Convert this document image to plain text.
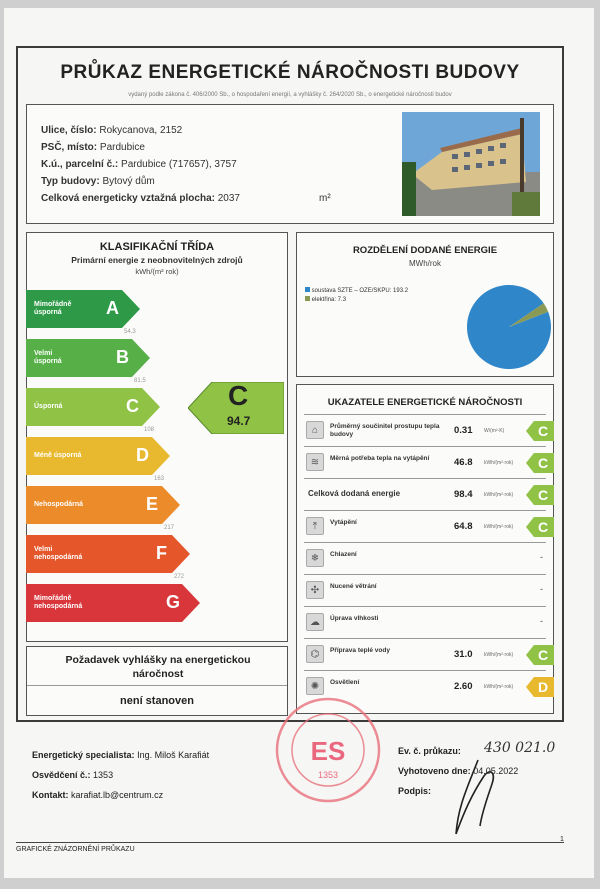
PRŮKAZ ENERGETICKÉ NÁROČNOSTI BUDOVY
vydaný podle zákona č. 406/2000 Sb., o hospodaření energií, a vyhlášky č. 264/2020 Sb., o energetické náročnosti budov
Ulice, číslo: Rokycanova, 2152
PSČ, místo: Pardubice
K.ú., parcelní č.: Pardubice (717657), 3757
Typ budovy: Bytový dům
Celková energeticky vztažná plocha: 2037	m²
KLASIFIKAČNÍ TŘÍDA
Primární energie z neobnovitelných zdrojů
kWh/(m² rok)
Mimořádně
úsporná	A
54.3
Velmi
úsporná	B
81.5
Úsporná	C
108
Méně úsporná	D
163
Nehospodárná	E
217
Velmi
nehospodárná	F
272
Mimořádně
nehospodárná	G
C
94.7
Požadavek vyhlášky na energetickou náročnost
není stanoven
ROZDĚLENÍ DODANÉ ENERGIE
MWh/rok
soustava SZTE – OZE/SKPU: 193.2
elektřina: 7.3
UKAZATELE ENERGETICKÉ NÁROČNOSTI
⌂	Průměrný součinitel prostupu tepla budovy	0.31 W/(m²·K) C
≋	Měrná potřeba tepla na vytápění	46.8 kWh/(m²·rok) C
Celková dodaná energie	98.4 kWh/(m²·rok) C
⤒	Vytápění	64.8 kWh/(m²·rok) C
❄	Chlazení	-
✣	Nucené větrání	-
☁	Úprava vlhkosti	-
⌬	Příprava teplé vody	31.0 kWh/(m²·rok) C
✺	Osvětlení	2.60 kWh/(m²·rok) D
Energetický specialista: Ing. Miloš Karafiát
Osvědčení č.: 1353
Kontakt: karafiat.lb@centrum.cz
Ev. č. průkazu: 430 021.0
Vyhotoveno dne: 04.05.2022
Podpis:
ES
1353
GRAFICKÉ ZNÁZORNĚNÍ PRŮKAZU
1
